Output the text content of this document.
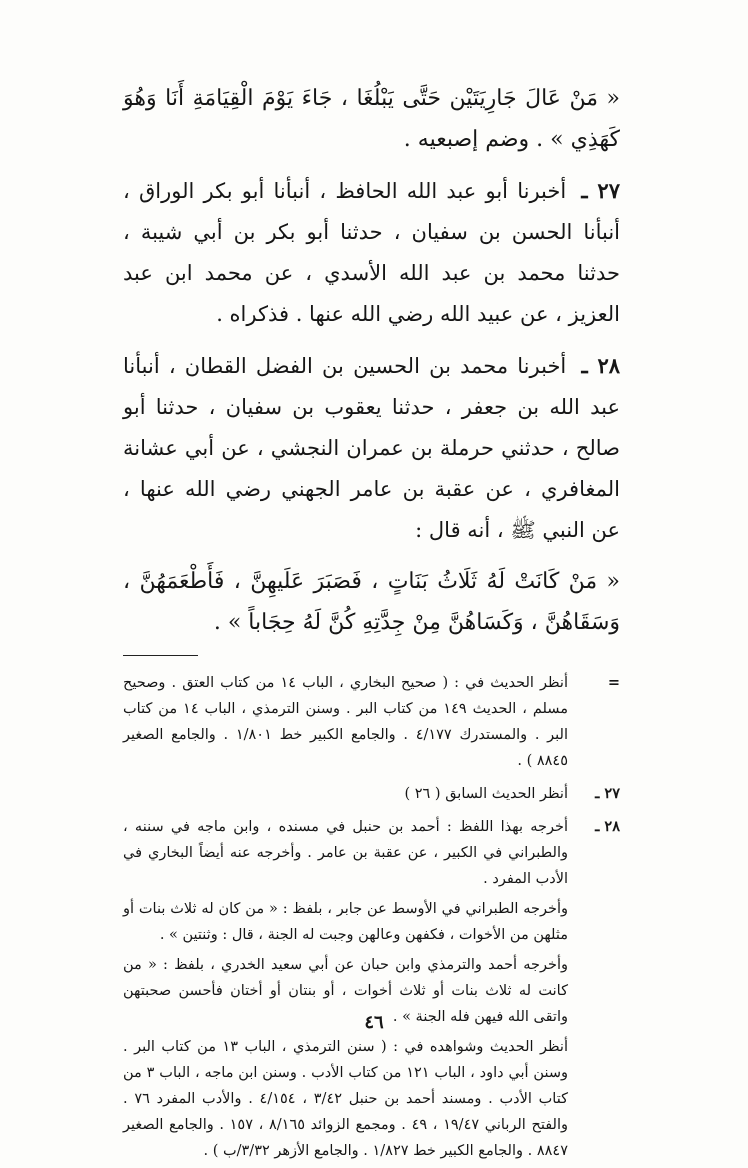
« مَنْ عَالَ جَارِيَتَيْن حَتَّى يَبْلُغَا ، جَاءَ يَوْمَ الْقِيَامَةِ أَنَا وَهُوَ كَهَذِي » . وضم إصبعيه .

٢٧ ـ أخبرنا أبو عبد الله الحافظ ، أنبأنا أبو بكر الوراق ، أنبأنا الحسن بن سفيان ، حدثنا أبو بكر بن أبي شيبة ، حدثنا محمد بن عبد الله الأسدي ، عن محمد ابن عبد العزيز ، عن عبيد الله رضي الله عنها . فذكراه .

٢٨ ـ أخبرنا محمد بن الحسين بن الفضل القطان ، أنبأنا عبد الله بن جعفر ، حدثنا يعقوب بن سفيان ، حدثنا أبو صالح ، حدثني حرملة بن عمران النجشي ، عن أبي عشانة المغافري ، عن عقبة بن عامر الجهني رضي الله عنها ، عن النبي ﷺ ، أنه قال :

« مَنْ كَانَتْ لَهُ ثَلَاثُ بَنَاتٍ ، فَصَبَرَ عَلَيهِنَّ ، فَأَطْعَمَهُنَّ ، وَسَقَاهُنَّ ، وَكَسَاهُنَّ مِنْ جِدَّتِهِ كُنَّ لَهُ حِجَاباً » .

=

أنظر الحديث في : ( صحيح البخاري ، الباب ١٤ من كتاب العتق . وصحيح مسلم ، الحديث ١٤٩ من كتاب البر . وسنن الترمذي ، الباب ١٤ من كتاب البر . والمستدرك ٤/١٧٧ . والجامع الكبير خط ١/٨٠١ . والجامع الصغير ٨٨٤٥ ) .

٢٧ ـ

أنظر الحديث السابق ( ٢٦ )

٢٨ ـ

أخرجه بهذا اللفظ : أحمد بن حنبل في مسنده ، وابن ماجه في سننه ، والطبراني في الكبير ، عن عقبة بن عامر . وأخرجه عنه أيضاً البخاري في الأدب المفرد .

وأخرجه الطبراني في الأوسط عن جابر ، بلفظ : « من كان له ثلاث بنات أو مثلهن من الأخوات ، فكفهن وعالهن وجبت له الجنة ، قال : وثنتين » .

وأخرجه أحمد والترمذي وابن حبان عن أبي سعيد الخدري ، بلفظ : « من كانت له ثلاث بنات أو ثلاث أخوات ، أو بنتان أو أختان فأحسن صحبتهن واتقى الله فيهن فله الجنة » .

أنظر الحديث وشواهده في : ( سنن الترمذي ، الباب ١٣ من كتاب البر . وسنن أبي داود ، الباب ١٢١ من كتاب الأدب . وسنن ابن ماجه ، الباب ٣ من كتاب الأدب . ومسند أحمد بن حنبل ٣/٤٢ ، ٤/١٥٤ . والأدب المفرد ٧٦ . والفتح الرباني ١٩/٤٧ ، ٤٩ . ومجمع الزوائد ٨/١٦٥ ، ١٥٧ . والجامع الصغير ٨٨٤٧ . والجامع الكبير خط ١/٨٢٧ . والجامع الأزهر ٣/٣٢/ب ) .

٤٦
